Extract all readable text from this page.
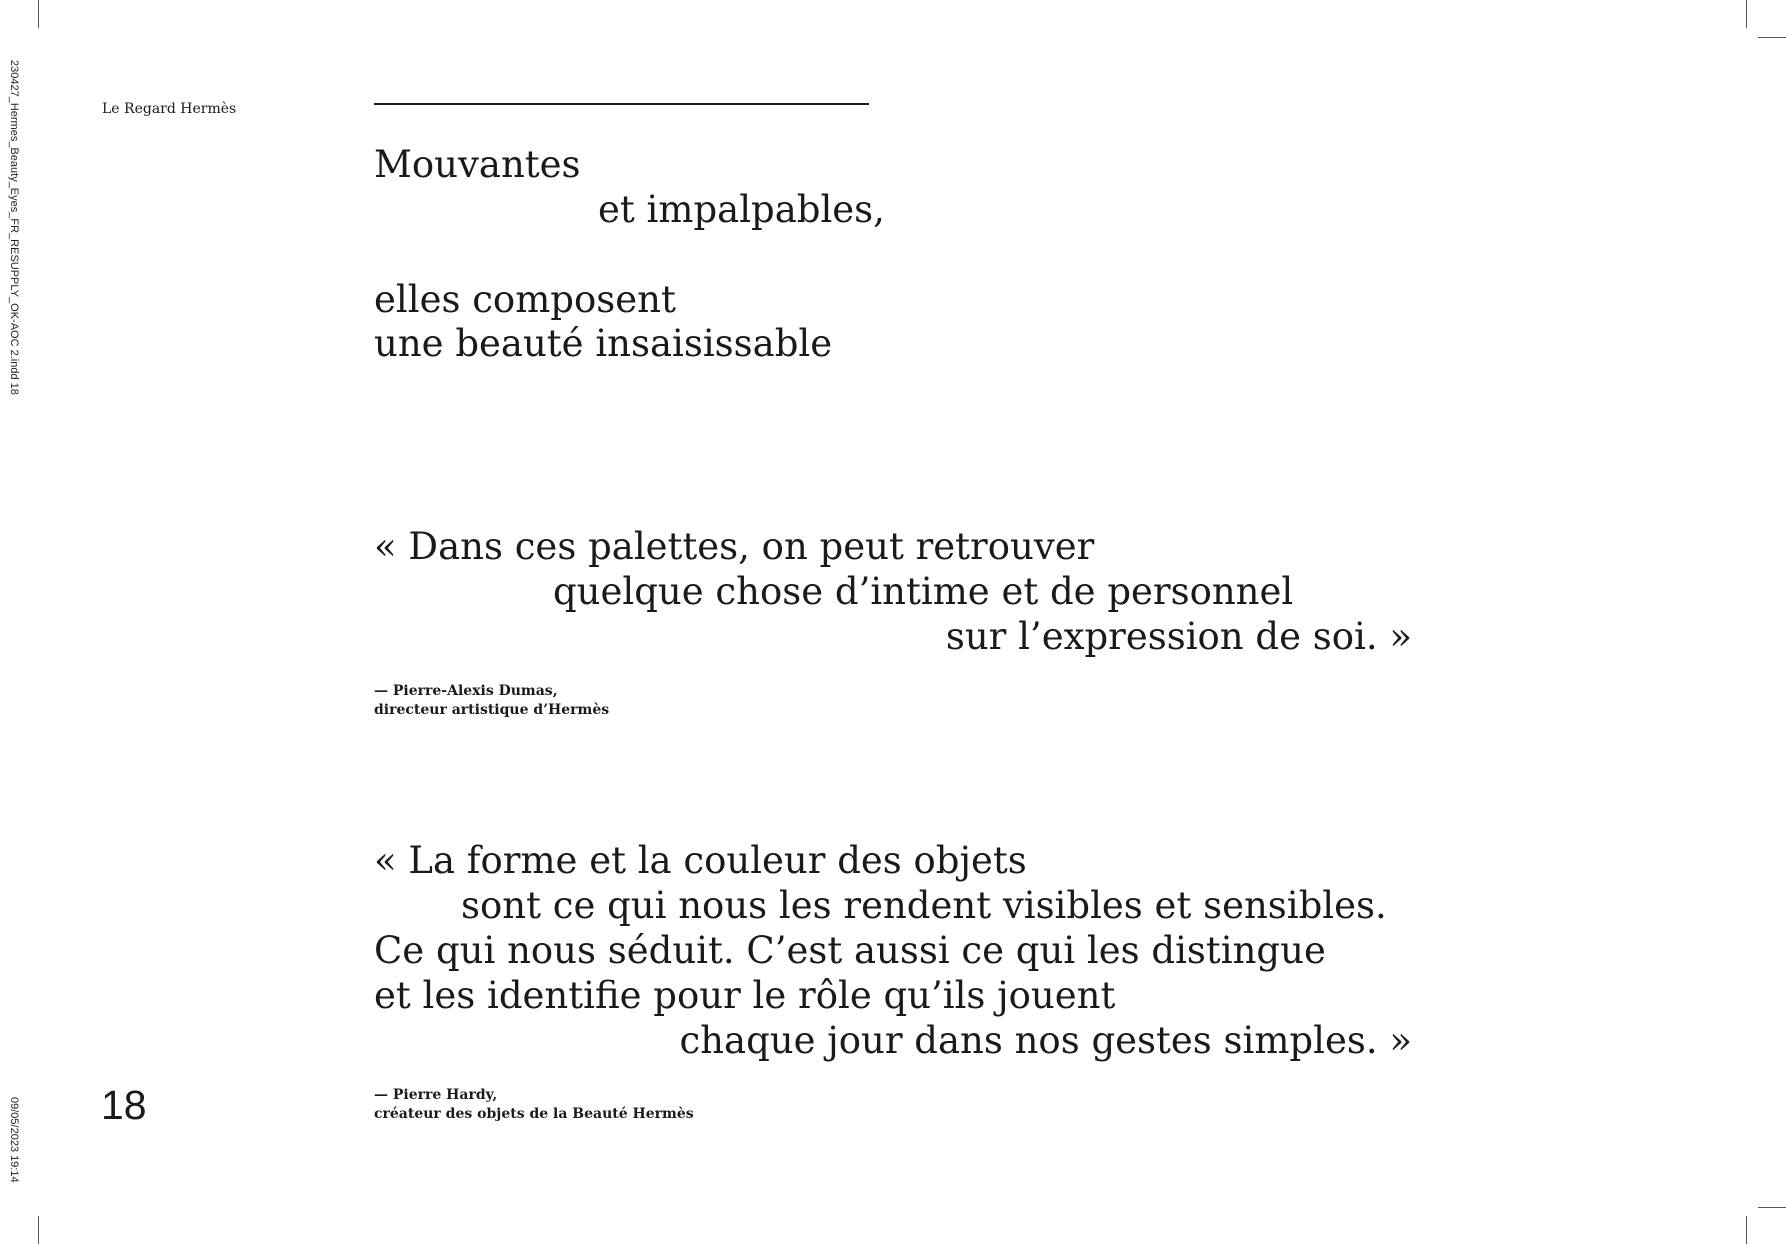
230427_Hermes_Beauty_Eyes_FR_RESUPPLY_OK-AOC 2.indd 18
09/05/2023 19:14
Le Regard Hermès
Mouvantes
et impalpables,
elles composent
une beauté insaisissable
« Dans ces palettes, on peut retrouver
quelque chose d’intime et de personnel
sur l’expression de soi. »
— Pierre-Alexis Dumas,
directeur artistique d’Hermès
« La forme et la couleur des objets
sont ce qui nous les rendent visibles et sensibles.
Ce qui nous séduit. C’est aussi ce qui les distingue
et les identifie pour le rôle qu’ils jouent
chaque jour dans nos gestes simples. »
— Pierre Hardy,
créateur des objets de la Beauté Hermès
18
